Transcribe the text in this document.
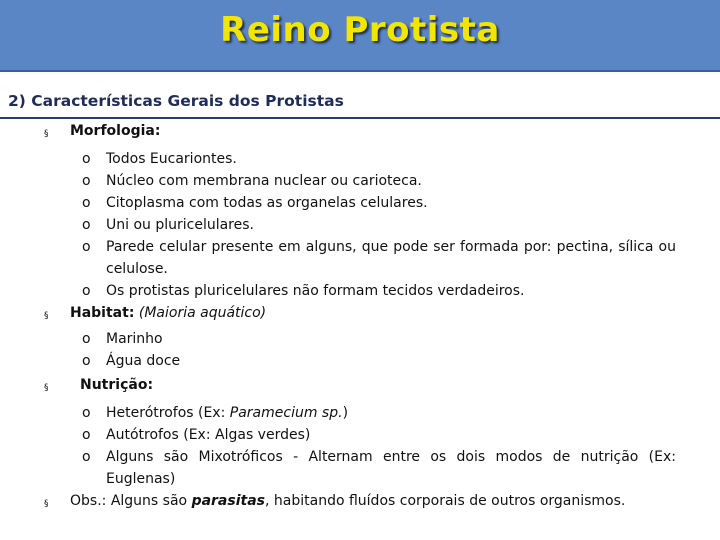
Reino Protista
2) Características Gerais dos Protistas
§ Morfologia:
o Todos Eucariontes.
o Núcleo com membrana nuclear ou carioteca.
o Citoplasma com todas as organelas celulares.
o Uni ou pluricelulares.
o Parede celular presente em alguns, que pode ser formada por: pectina, sílica ou celulose.
o Os protistas pluricelulares não formam tecidos verdadeiros.
§ Habitat: (Maioria aquático)
o Marinho
o Água doce
§ Nutrição:
o Heterótrofos (Ex: Paramecium sp.)
o Autótrofos (Ex: Algas verdes)
o Alguns são Mixotróficos - Alternam entre os dois modos de nutrição (Ex: Euglenas)
§ Obs.: Alguns são parasitas, habitando fluídos corporais de outros organismos.
